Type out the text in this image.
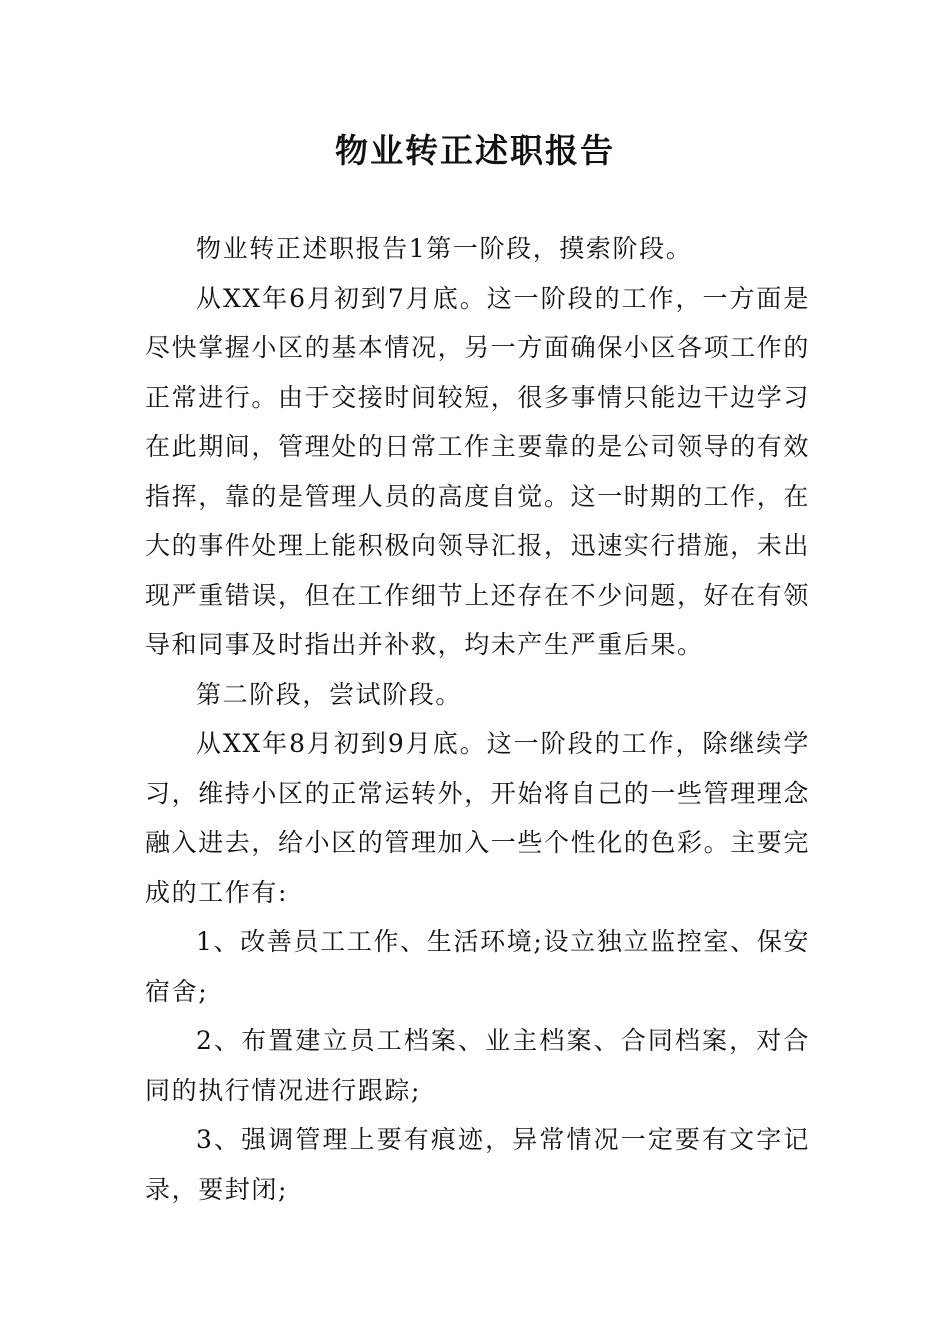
物业转正述职报告

物业转正述职报告1第一阶段，摸索阶段。

从XX年6月初到7月底。这一阶段的工作，一方面是尽快掌握小区的基本情况，另一方面确保小区各项工作的正常进行。由于交接时间较短，很多事情只能边干边学习在此期间，管理处的日常工作主要靠的是公司领导的有效指挥，靠的是管理人员的高度自觉。这一时期的工作，在大的事件处理上能积极向领导汇报，迅速实行措施，未出现严重错误，但在工作细节上还存在不少问题，好在有领导和同事及时指出并补救，均未产生严重后果。

第二阶段，尝试阶段。

从XX年8月初到9月底。这一阶段的工作，除继续学习，维持小区的正常运转外，开始将自己的一些管理理念融入进去，给小区的管理加入一些个性化的色彩。主要完成的工作有:

1、改善员工工作、生活环境;设立独立监控室、保安宿舍;

2、布置建立员工档案、业主档案、合同档案，对合同的执行情况进行跟踪;

3、强调管理上要有痕迹，异常情况一定要有文字记录，要封闭;
